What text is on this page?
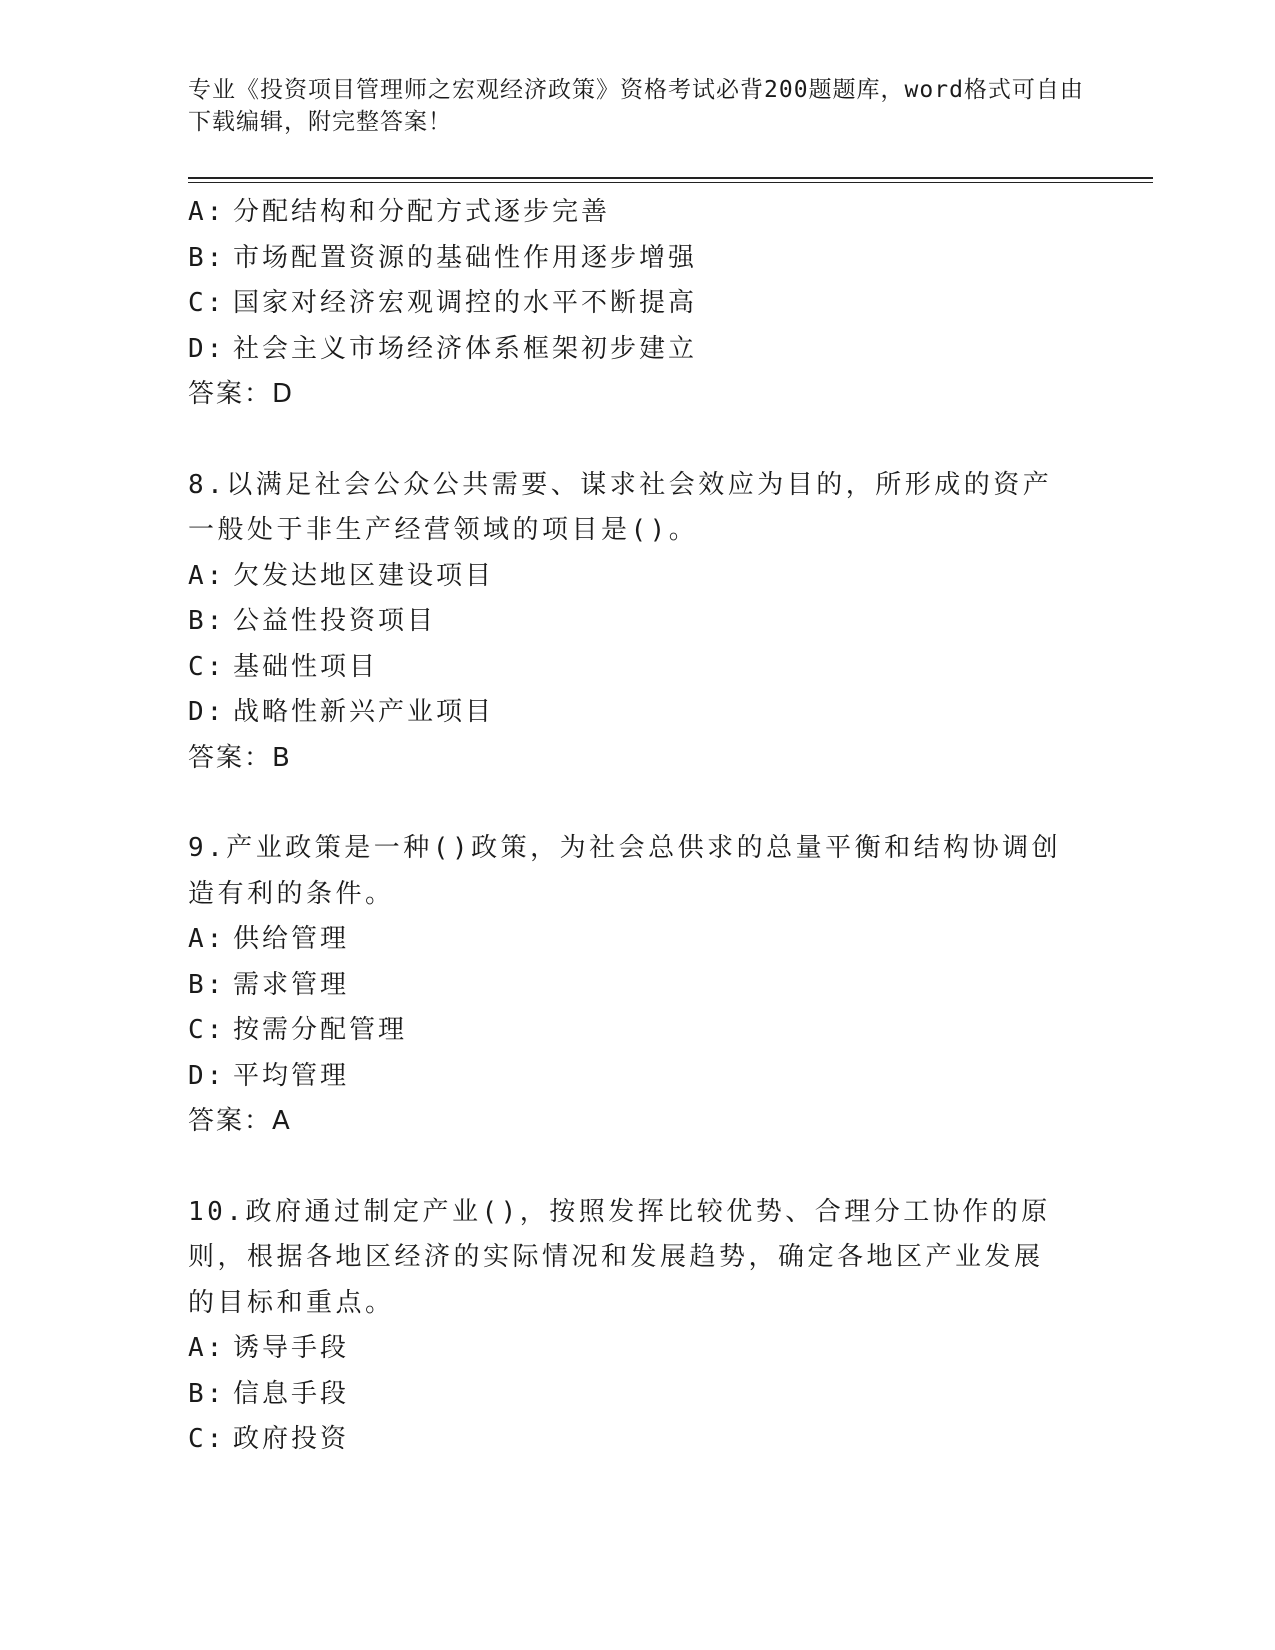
专业《投资项目管理师之宏观经济政策》资格考试必背200题题库，word格式可自由下载编辑，附完整答案！
A: 分配结构和分配方式逐步完善
B: 市场配置资源的基础性作用逐步增强
C: 国家对经济宏观调控的水平不断提高
D: 社会主义市场经济体系框架初步建立
答案：D
8.以满足社会公众公共需要、谋求社会效应为目的，所形成的资产一般处于非生产经营领域的项目是()。
A: 欠发达地区建设项目
B: 公益性投资项目
C: 基础性项目
D: 战略性新兴产业项目
答案：B
9.产业政策是一种()政策，为社会总供求的总量平衡和结构协调创造有利的条件。
A: 供给管理
B: 需求管理
C: 按需分配管理
D: 平均管理
答案：A
10.政府通过制定产业()，按照发挥比较优势、合理分工协作的原则，根据各地区经济的实际情况和发展趋势，确定各地区产业发展的目标和重点。
A: 诱导手段
B: 信息手段
C: 政府投资
